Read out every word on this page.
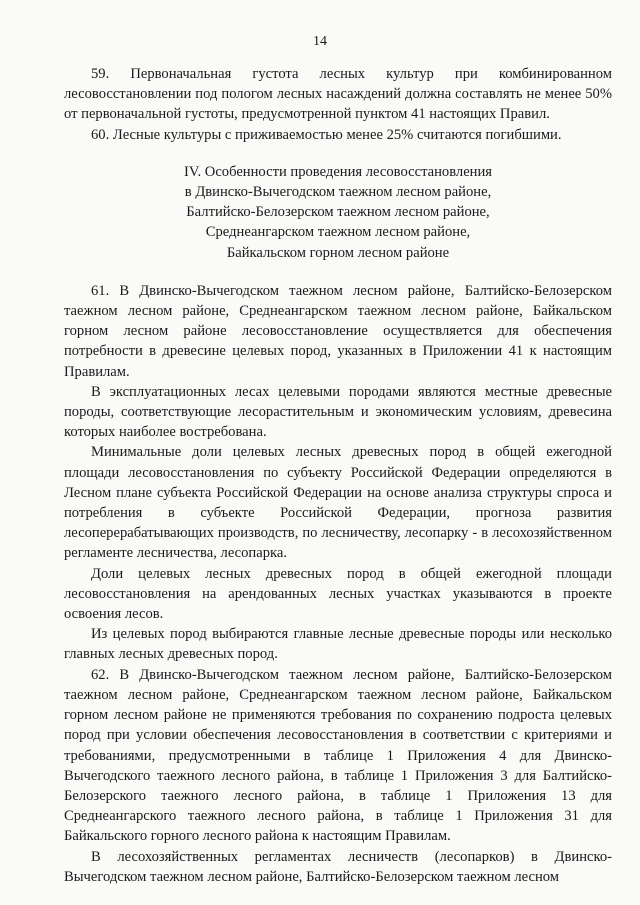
14

59. Первоначальная густота лесных культур при комбинированном лесовосстановлении под пологом лесных насаждений должна составлять не менее 50% от первоначальной густоты, предусмотренной пунктом 41 настоящих Правил.

60. Лесные культуры с приживаемостью менее 25% считаются погибшими.

IV. Особенности проведения лесовосстановления
в Двинско-Вычегодском таежном лесном районе,
Балтийско-Белозерском таежном лесном районе,
Среднеангарском таежном лесном районе,
Байкальском горном лесном районе

61. В Двинско-Вычегодском таежном лесном районе, Балтийско-Белозерском таежном лесном районе, Среднеангарском таежном лесном районе, Байкальском горном лесном районе лесовосстановление осуществляется для обеспечения потребности в древесине целевых пород, указанных в Приложении 41 к настоящим Правилам.

В эксплуатационных лесах целевыми породами являются местные древесные породы, соответствующие лесорастительным и экономическим условиям, древесина которых наиболее востребована.

Минимальные доли целевых лесных древесных пород в общей ежегодной площади лесовосстановления по субъекту Российской Федерации определяются в Лесном плане субъекта Российской Федерации на основе анализа структуры спроса и потребления в субъекте Российской Федерации, прогноза развития лесоперерабатывающих производств, по лесничеству, лесопарку - в лесохозяйственном регламенте лесничества, лесопарка.

Доли целевых лесных древесных пород в общей ежегодной площади лесовосстановления на арендованных лесных участках указываются в проекте освоения лесов.

Из целевых пород выбираются главные лесные древесные породы или несколько главных лесных древесных пород.

62. В Двинско-Вычегодском таежном лесном районе, Балтийско-Белозерском таежном лесном районе, Среднеангарском таежном лесном районе, Байкальском горном лесном районе не применяются требования по сохранению подроста целевых пород при условии обеспечения лесовосстановления в соответствии с критериями и требованиями, предусмотренными в таблице 1 Приложения 4 для Двинско-Вычегодского таежного лесного района, в таблице 1 Приложения 3 для Балтийско-Белозерского таежного лесного района, в таблице 1 Приложения 13 для Среднеангарского таежного лесного района, в таблице 1 Приложения 31 для Байкальского горного лесного района к настоящим Правилам.

В лесохозяйственных регламентах лесничеств (лесопарков) в Двинско-Вычегодском таежном лесном районе, Балтийско-Белозерском таежном лесном
